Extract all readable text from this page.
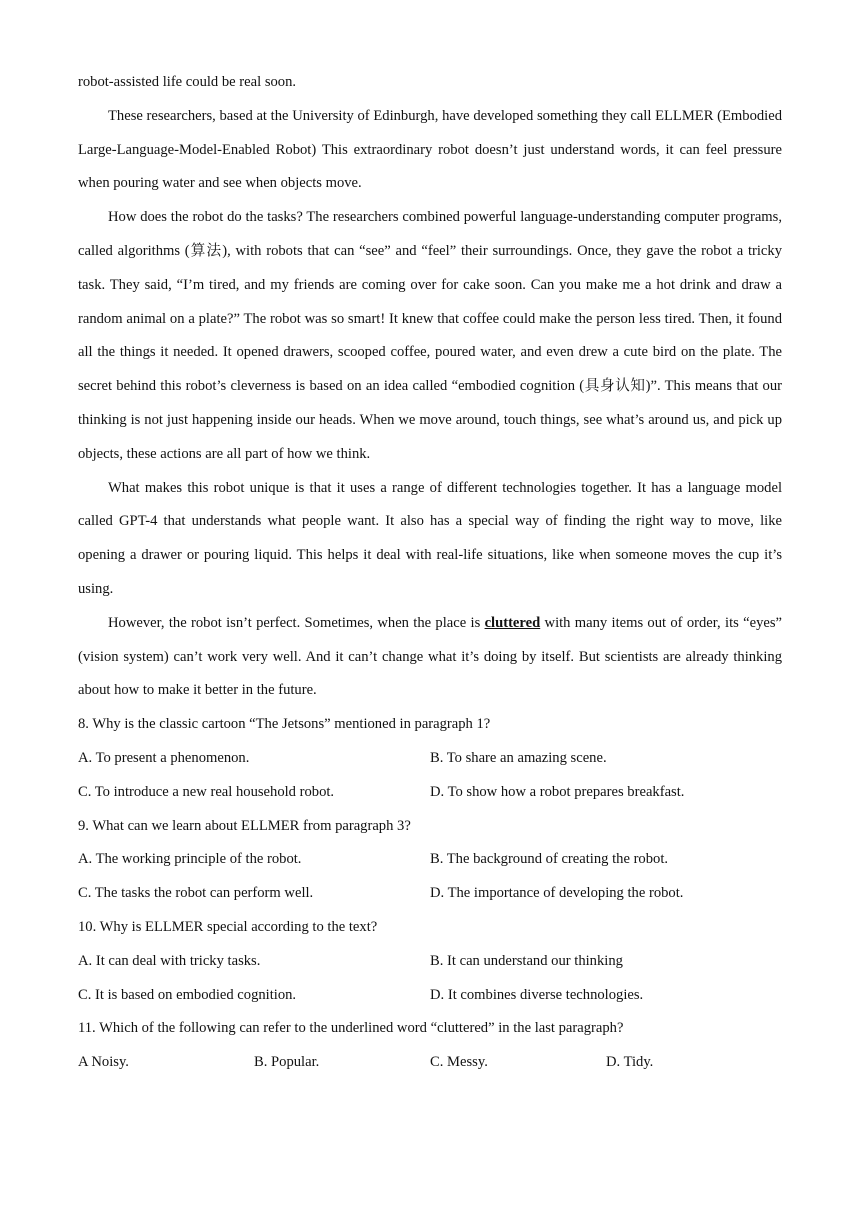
robot-assisted life could be real soon.

These researchers, based at the University of Edinburgh, have developed something they call ELLMER (Embodied Large-Language-Model-Enabled Robot) This extraordinary robot doesn’t just understand words, it can feel pressure when pouring water and see when objects move.

How does the robot do the tasks? The researchers combined powerful language-understanding computer programs, called algorithms (算法), with robots that can “see” and “feel” their surroundings. Once, they gave the robot a tricky task. They said, “I’m tired, and my friends are coming over for cake soon. Can you make me a hot drink and draw a random animal on a plate?” The robot was so smart! It knew that coffee could make the person less tired. Then, it found all the things it needed. It opened drawers, scooped coffee, poured water, and even drew a cute bird on the plate. The secret behind this robot’s cleverness is based on an idea called “embodied cognition (具身认知)”. This means that our thinking is not just happening inside our heads. When we move around, touch things, see what’s around us, and pick up objects, these actions are all part of how we think.

What makes this robot unique is that it uses a range of different technologies together. It has a language model called GPT-4 that understands what people want. It also has a special way of finding the right way to move, like opening a drawer or pouring liquid. This helps it deal with real-life situations, like when someone moves the cup it’s using.

However, the robot isn’t perfect. Sometimes, when the place is cluttered with many items out of order, its “eyes” (vision system) can’t work very well. And it can’t change what it’s doing by itself. But scientists are already thinking about how to make it better in the future.

8. Why is the classic cartoon “The Jetsons” mentioned in paragraph 1?

A. To present a phenomenon.	B. To share an amazing scene.
C. To introduce a new real household robot.	D. To show how a robot prepares breakfast.

9. What can we learn about ELLMER from paragraph 3?

A. The working principle of the robot.	B. The background of creating the robot.
C. The tasks the robot can perform well.	D. The importance of developing the robot.

10. Why is ELLMER special according to the text?

A. It can deal with tricky tasks.	B. It can understand our thinking
C. It is based on embodied cognition.	D. It combines diverse technologies.

11. Which of the following can refer to the underlined word “cluttered” in the last paragraph?

A Noisy.	B. Popular.	C. Messy.	D. Tidy.
